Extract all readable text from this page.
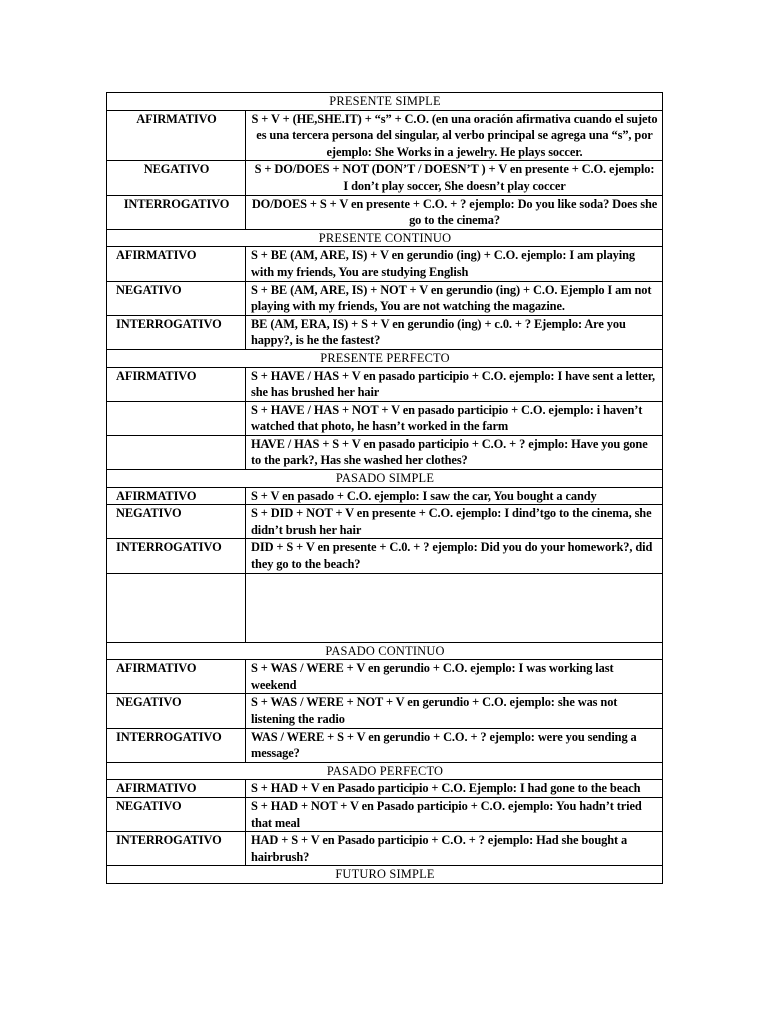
PRESENTE SIMPLE	
AFIRMATIVO	S + V + (HE,SHE.IT) + “s” + C.O. (en una oración afirmativa cuando el sujeto es una tercera persona del singular, al verbo principal se agrega una “s”, por ejemplo: She Works in a jewelry. He plays soccer.
NEGATIVO	S + DO/DOES + NOT (DON’T / DOESN’T ) + V en presente + C.O. ejemplo: I don’t play soccer, She doesn’t play coccer
INTERROGATIVO	DO/DOES + S + V en presente + C.O. + ? ejemplo: Do you like soda? Does she go to the cinema?
PRESENTE CONTINUO	
AFIRMATIVO	S + BE (AM, ARE, IS) + V en gerundio (ing) + C.O. ejemplo: I am playing with my friends, You are studying English
NEGATIVO	S + BE (AM, ARE, IS) + NOT + V en gerundio (ing) + C.O. Ejemplo I am not playing with my friends, You are not watching the magazine.
INTERROGATIVO	BE (AM, ERA, IS) + S + V en gerundio (ing) + c.0. + ? Ejemplo: Are you happy?, is he the fastest?
PRESENTE PERFECTO	
AFIRMATIVO	S + HAVE / HAS + V en pasado participio + C.O. ejemplo: I have sent a letter, she has brushed her hair
	S + HAVE / HAS + NOT + V en pasado participio + C.O. ejemplo: i haven’t watched that photo, he hasn’t worked in the farm
	HAVE / HAS + S + V en pasado participio + C.O. + ? ejmplo: Have you gone to the park?, Has she washed her clothes?
PASADO SIMPLE	
AFIRMATIVO	S + V en pasado + C.O. ejemplo: I saw the car, You bought a candy
NEGATIVO	S + DID + NOT + V en presente + C.O. ejemplo: I dind’tgo to the cinema, she didn’t brush her hair
INTERROGATIVO	DID + S + V en presente + C.0. + ? ejemplo: Did you do your homework?, did they go to the beach?

PASADO CONTINUO	
AFIRMATIVO	S + WAS / WERE + V en gerundio + C.O. ejemplo: I was working last weekend
NEGATIVO	S + WAS / WERE + NOT + V en gerundio + C.O. ejemplo: she was not listening the radio
INTERROGATIVO	WAS / WERE + S + V en gerundio + C.O. + ? ejemplo: were you sending a message?
PASADO PERFECTO	
AFIRMATIVO	S + HAD + V en Pasado participio + C.O. Ejemplo: I had gone to the beach
NEGATIVO	S + HAD + NOT + V en Pasado participio + C.O. ejemplo: You hadn’t tried that meal
INTERROGATIVO	HAD + S + V en Pasado participio + C.O. + ? ejemplo: Had she bought a hairbrush?
FUTURO SIMPLE	
